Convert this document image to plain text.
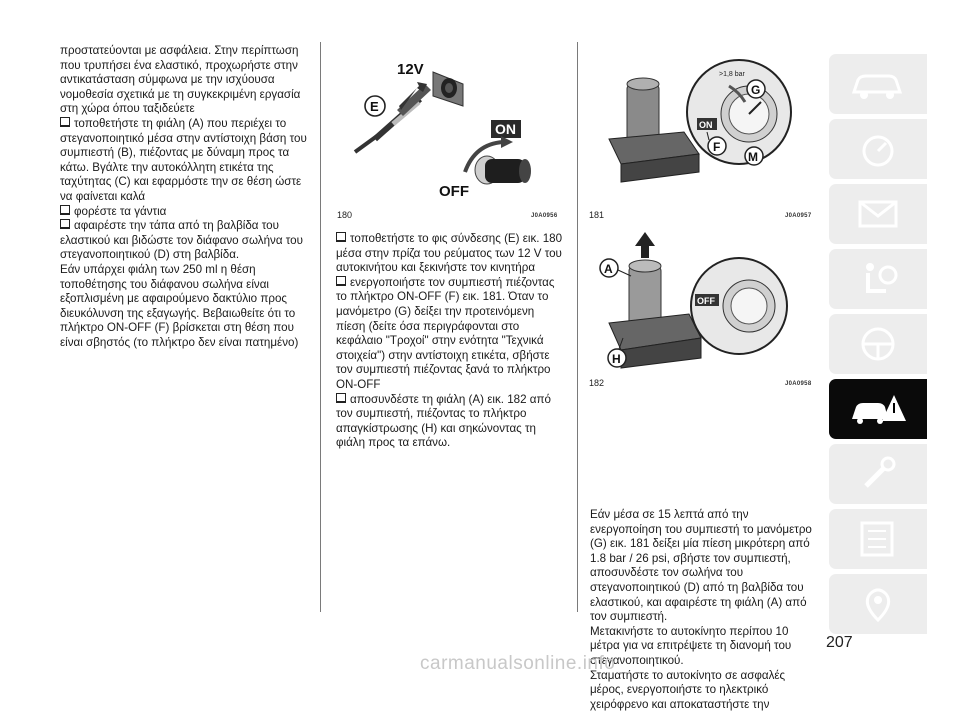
προστατεύονται με ασφάλεια. Στην περίπτωση που τρυπήσει ένα ελαστικό, προχωρήστε στην αντικατάσταση σύμφωνα με την ισχύουσα νομοθεσία σχετικά με τη συγκεκριμένη εργασία στη χώρα όπου ταξιδεύετε

τοποθετήστε τη φιάλη (A) που περιέχει το στεγανοποιητικό μέσα στην αντίστοιχη βάση του συμπιεστή (B), πιέζοντας με δύναμη προς τα κάτω. Βγάλτε την αυτοκόλλητη ετικέτα της ταχύτητας (C) και εφαρμόστε την σε θέση ώστε να φαίνεται καλά

φορέστε τα γάντια

αφαιρέστε την τάπα από τη βαλβίδα του ελαστικού και βιδώστε τον διάφανο σωλήνα του στεγανοποιητικού (D) στη βαλβίδα.

Εάν υπάρχει φιάλη των 250 ml η θέση τοποθέτησης του διάφανου σωλήνα είναι εξοπλισμένη με αφαιρούμενο δακτύλιο προς διευκόλυνση της εξαγωγής. Βεβαιωθείτε ότι το πλήκτρο ON-OFF (F) βρίσκεται στη θέση που είναι σβηστός (το πλήκτρο δεν είναι πατημένο)

12V
E
ON
OFF
180	J0A0956

τοποθετήστε το φις σύνδεσης (E) εικ. 180 μέσα στην πρίζα του ρεύματος των 12 V του αυτοκινήτου και ξεκινήστε τον κινητήρα

ενεργοποιήστε τον συμπιεστή πιέζοντας το πλήκτρο ON-OFF (F) εικ. 181. Όταν το μανόμετρο (G) δείξει την προτεινόμενη πίεση (δείτε όσα περιγράφονται στο κεφάλαιο "Τροχοί" στην ενότητα "Τεχνικά στοιχεία") στην αντίστοιχη ετικέτα, σβήστε τον συμπιεστή πιέζοντας ξανά το πλήκτρο ON-OFF

αποσυνδέστε τη φιάλη (A) εικ. 182 από τον συμπιεστή, πιέζοντας το πλήκτρο απαγκίστρωσης (H) και σηκώνοντας τη φιάλη προς τα επάνω.

>1,8 bar
ON
G
F
M
181	J0A0957
OFF
A
H
182	J0A0958

Εάν μέσα σε 15 λεπτά από την ενεργοποίηση του συμπιεστή το μανόμετρο (G) εικ. 181 δείξει μία πίεση μικρότερη από 1.8 bar / 26 psi, σβήστε τον συμπιεστή, αποσυνδέστε τον σωλήνα του στεγανοποιητικού (D) από τη βαλβίδα του ελαστικού, και αφαιρέστε τη φιάλη (A) από τον συμπιεστή.

Μετακινήστε το αυτοκίνητο περίπου 10 μέτρα για να επιτρέψετε τη διανομή του στεγανοποιητικού.

Σταματήστε το αυτοκίνητο σε ασφαλές μέρος, ενεργοποιήστε το ηλεκτρικό χειρόφρενο και αποκαταστήστε την

207
carmanualsonline.info
